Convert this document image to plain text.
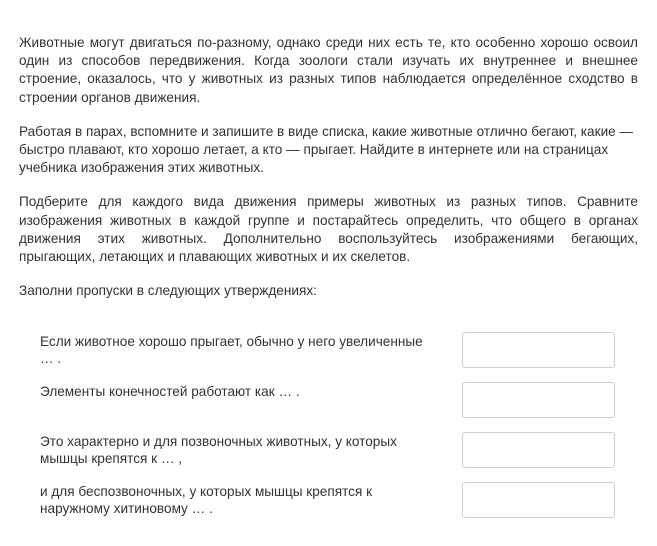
Животные могут двигаться по-разному, однако среди них есть те, кто особенно хорошо освоил один из способов передвижения. Когда зоологи стали изучать их внутреннее и внешнее строение, оказалось, что у животных из разных типов наблюдается определённое сходство в строении органов движения.

Работая в парах, вспомните и запишите в виде списка, какие животные отлично бегают, какие — быстро плавают, кто хорошо летает, а кто — прыгает. Найдите в интернете или на страницах учебника изображения этих животных.

Подберите для каждого вида движения примеры животных из разных типов. Сравните изображения животных в каждой группе и постарайтесь определить, что общего в органах движения этих животных. Дополнительно воспользуйтесь изображениями бегающих, прыгающих, летающих и плавающих животных и их скелетов.

Заполни пропуски в следующих утверждениях:

Если животное хорошо прыгает, обычно у него увеличенные … .
Элементы конечностей работают как … .
Это характерно и для позвоночных животных, у которых мышцы крепятся к … ,
и для беспозвоночных, у которых мышцы крепятся к наружному хитиновому … .
